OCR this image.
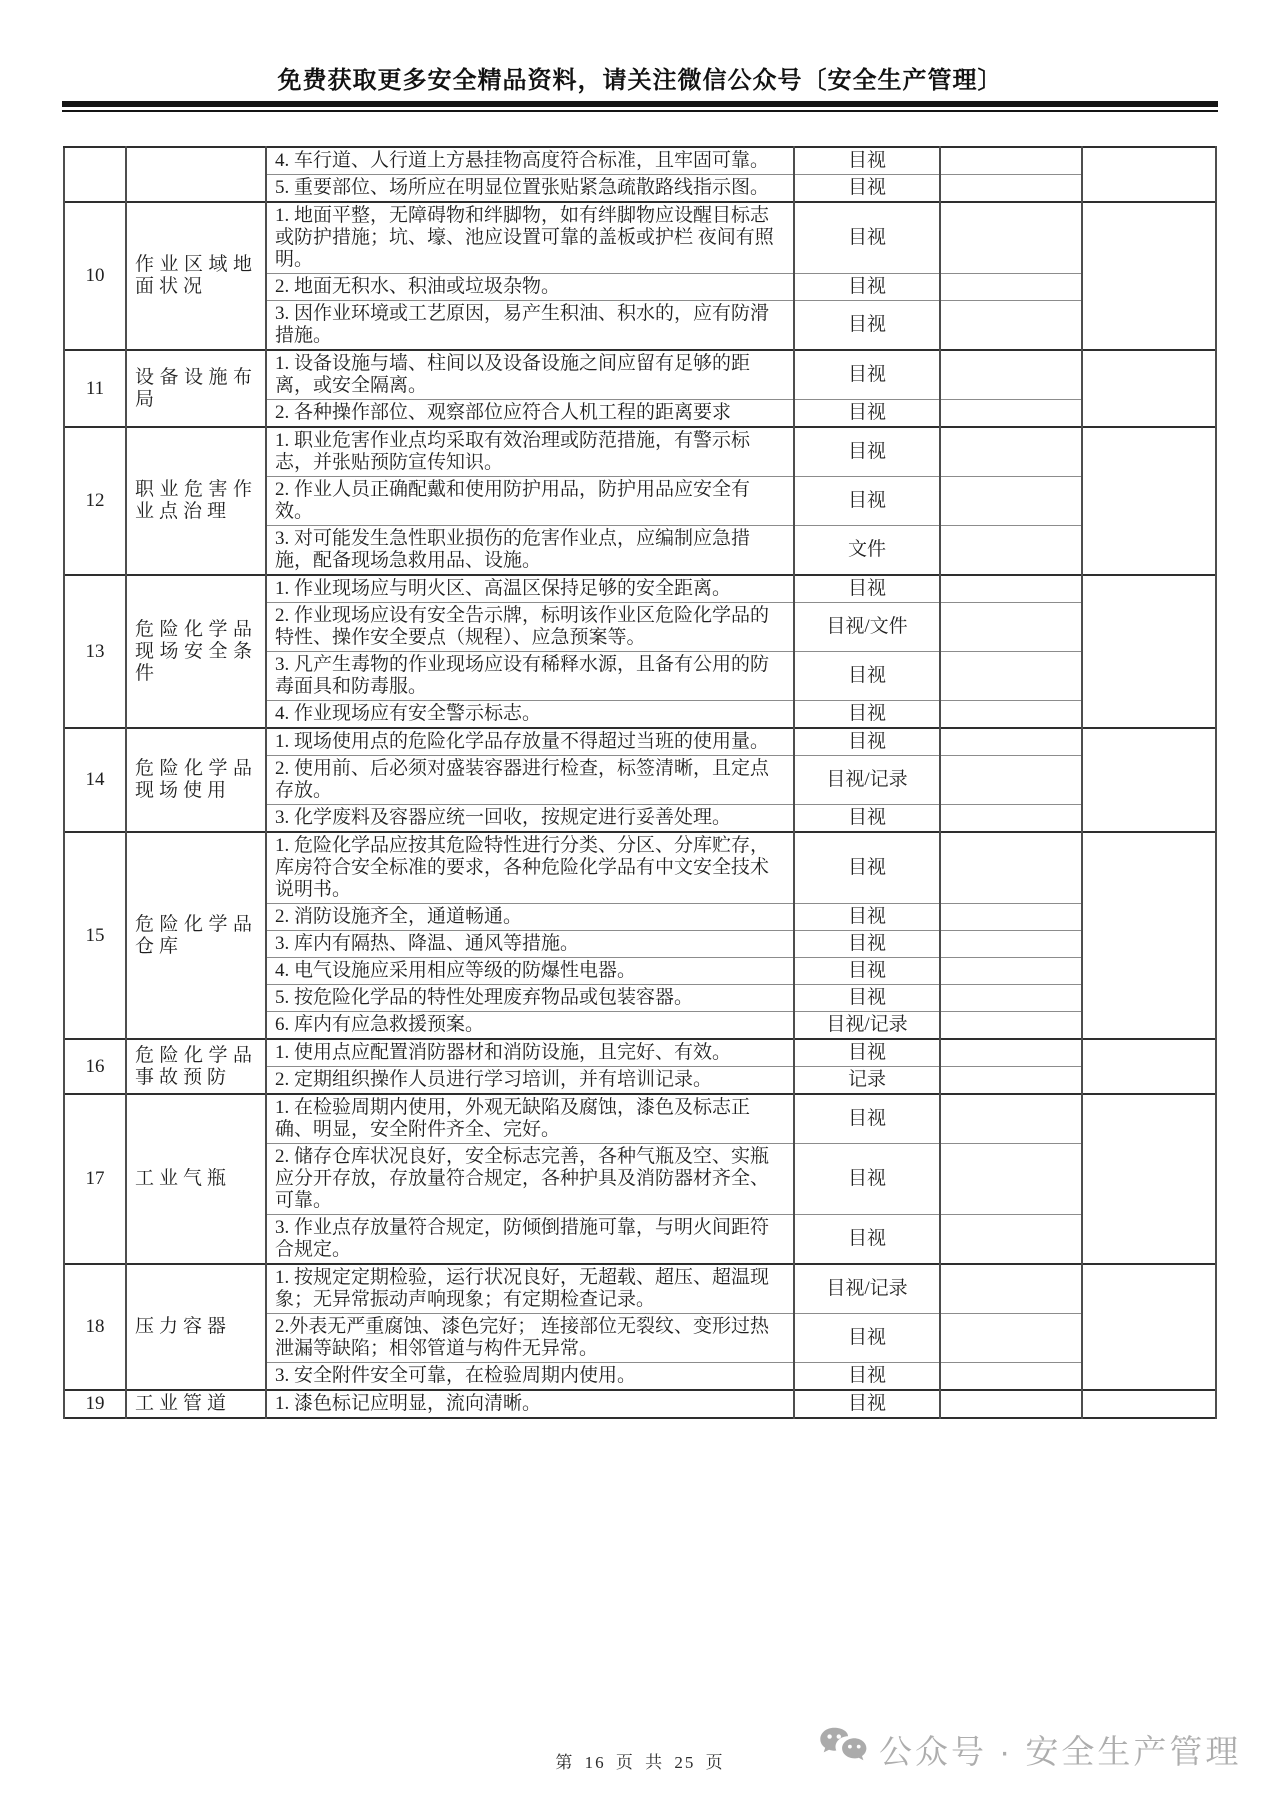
免费获取更多安全精品资料，请关注微信公众号〔安全生产管理〕
		4. 车行道、人行道上方悬挂物高度符合标准，且牢固可靠。	目视		
		5. 重要部位、场所应在明显位置张贴紧急疏散路线指示图。	目视		
10	作业区域地面状况	1. 地面平整，无障碍物和绊脚物，如有绊脚物应设醒目标志或防护措施；坑、壕、池应设置可靠的盖板或护栏 夜间有照明。	目视		
		2. 地面无积水、积油或垃圾杂物。	目视		
		3. 因作业环境或工艺原因，易产生积油、积水的，应有防滑措施。	目视		
11	设备设施布局	1. 设备设施与墙、柱间以及设备设施之间应留有足够的距离，或安全隔离。	目视		
		2. 各种操作部位、观察部位应符合人机工程的距离要求	目视		
12	职业危害作业点治理	1. 职业危害作业点均采取有效治理或防范措施，有警示标志，并张贴预防宣传知识。	目视		
		2. 作业人员正确配戴和使用防护用品，防护用品应安全有效。	目视		
		3. 对可能发生急性职业损伤的危害作业点，应编制应急措施，配备现场急救用品、设施。	文件		
13	危险化学品现场安全条件	1. 作业现场应与明火区、高温区保持足够的安全距离。	目视		
		2. 作业现场应设有安全告示牌，标明该作业区危险化学品的特性、操作安全要点（规程）、应急预案等。	目视/文件		
		3. 凡产生毒物的作业现场应设有稀释水源，且备有公用的防毒面具和防毒服。	目视		
		4. 作业现场应有安全警示标志。	目视		
14	危险化学品现场使用	1. 现场使用点的危险化学品存放量不得超过当班的使用量。	目视		
		2. 使用前、后必须对盛装容器进行检查，标签清晰，且定点存放。	目视/记录		
		3. 化学废料及容器应统一回收，按规定进行妥善处理。	目视		
15	危险化学品仓库	1. 危险化学品应按其危险特性进行分类、分区、分库贮存，库房符合安全标准的要求，各种危险化学品有中文安全技术说明书。	目视		
		2. 消防设施齐全，通道畅通。	目视		
		3. 库内有隔热、降温、通风等措施。	目视		
		4. 电气设施应采用相应等级的防爆性电器。	目视		
		5. 按危险化学品的特性处理废弃物品或包装容器。	目视		
		6. 库内有应急救援预案。	目视/记录		
16	危险化学品事故预防	1. 使用点应配置消防器材和消防设施，且完好、有效。	目视		
		2. 定期组织操作人员进行学习培训，并有培训记录。	记录		
17	工业气瓶	1. 在检验周期内使用，外观无缺陷及腐蚀，漆色及标志正确、明显，安全附件齐全、完好。	目视		
		2. 储存仓库状况良好，安全标志完善，各种气瓶及空、实瓶应分开存放，存放量符合规定，各种护具及消防器材齐全、可靠。	目视		
		3. 作业点存放量符合规定，防倾倒措施可靠，与明火间距符合规定。	目视		
18	压力容器	1. 按规定定期检验，运行状况良好，无超载、超压、超温现象；无异常振动声响现象；有定期检查记录。	目视/记录		
		2.外表无严重腐蚀、漆色完好； 连接部位无裂纹、变形过热泄漏等缺陷；相邻管道与构件无异常。	目视		
		3. 安全附件安全可靠，在检验周期内使用。	目视		
19	工业管道	1. 漆色标记应明显，流向清晰。	目视		
第 16 页 共 25 页	公众号 · 安全生产管理
